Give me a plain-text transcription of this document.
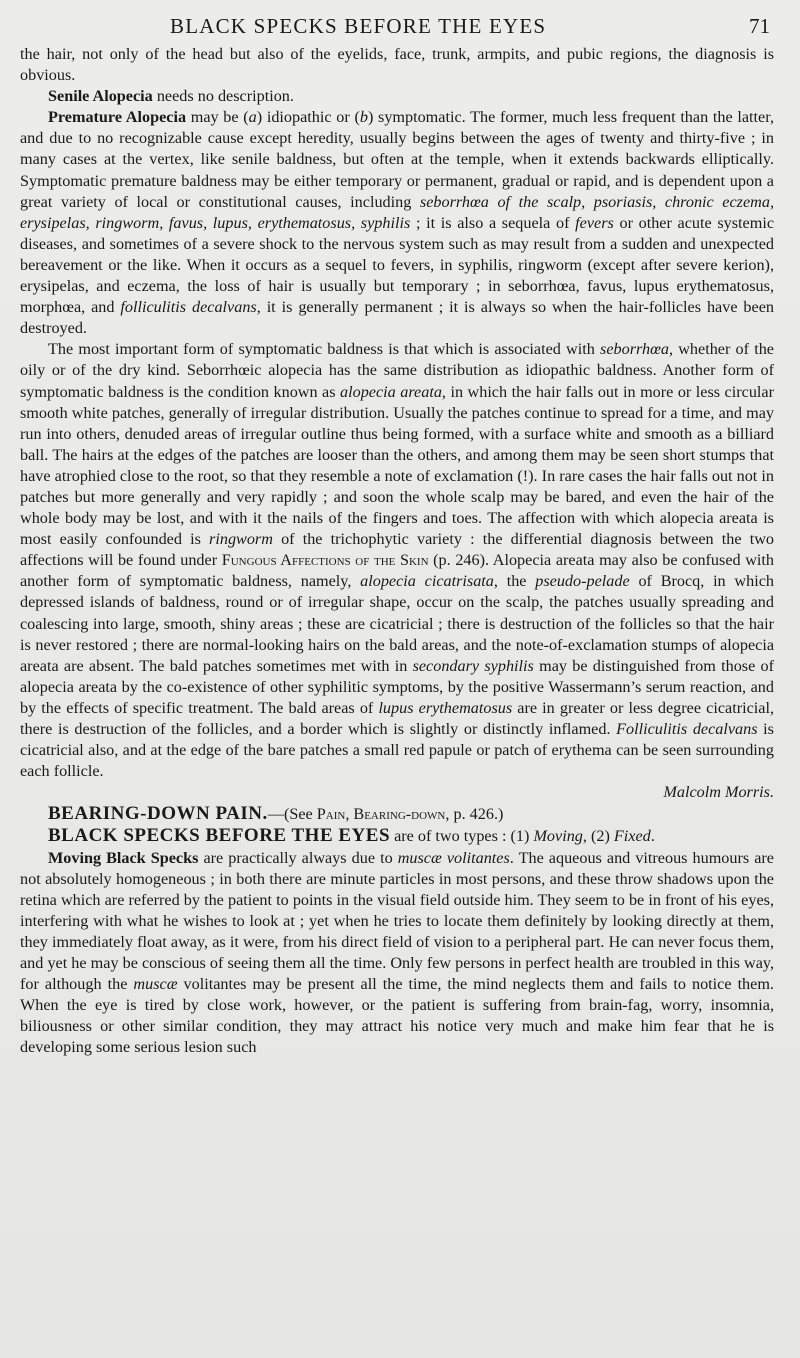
BLACK SPECKS BEFORE THE EYES	71

the hair, not only of the head but also of the eyelids, face, trunk, armpits, and pubic regions, the diagnosis is obvious.

Senile Alopecia needs no description.

Premature Alopecia may be (a) idiopathic or (b) symptomatic. The former, much less frequent than the latter, and due to no recognizable cause except heredity, usually begins between the ages of twenty and thirty-five ; in many cases at the vertex, like senile baldness, but often at the temple, when it extends backwards elliptically. Symptomatic premature baldness may be either temporary or permanent, gradual or rapid, and is dependent upon a great variety of local or constitutional causes, including seborrhœa of the scalp, psoriasis, chronic eczema, erysipelas, ringworm, favus, lupus, erythematosus, syphilis ; it is also a sequela of fevers or other acute systemic diseases, and sometimes of a severe shock to the nervous system such as may result from a sudden and unexpected bereavement or the like. When it occurs as a sequel to fevers, in syphilis, ringworm (except after severe kerion), erysipelas, and eczema, the loss of hair is usually but temporary ; in seborrhœa, favus, lupus erythematosus, morphœa, and folliculitis decalvans, it is generally permanent ; it is always so when the hair-follicles have been destroyed.

The most important form of symptomatic baldness is that which is associated with seborrhœa, whether of the oily or of the dry kind. Seborrhœic alopecia has the same distribution as idiopathic baldness. Another form of symptomatic baldness is the condition known as alopecia areata, in which the hair falls out in more or less circular smooth white patches, generally of irregular distribution. Usually the patches continue to spread for a time, and may run into others, denuded areas of irregular outline thus being formed, with a surface white and smooth as a billiard ball. The hairs at the edges of the patches are looser than the others, and among them may be seen short stumps that have atrophied close to the root, so that they resemble a note of exclamation (!). In rare cases the hair falls out not in patches but more generally and very rapidly ; and soon the whole scalp may be bared, and even the hair of the whole body may be lost, and with it the nails of the fingers and toes. The affection with which alopecia areata is most easily confounded is ringworm of the trichophytic variety : the differential diagnosis between the two affections will be found under Fungous Affections of the Skin (p. 246). Alopecia areata may also be confused with another form of symptomatic baldness, namely, alopecia cicatrisata, the pseudo-pelade of Brocq, in which depressed islands of baldness, round or of irregular shape, occur on the scalp, the patches usually spreading and coalescing into large, smooth, shiny areas ; these are cicatricial ; there is destruction of the follicles so that the hair is never restored ; there are normal-looking hairs on the bald areas, and the note-of-exclamation stumps of alopecia areata are absent. The bald patches sometimes met with in secondary syphilis may be distinguished from those of alopecia areata by the co-existence of other syphilitic symptoms, by the positive Wassermann’s serum reaction, and by the effects of specific treatment. The bald areas of lupus erythematosus are in greater or less degree cicatricial, there is destruction of the follicles, and a border which is slightly or distinctly inflamed. Folliculitis decalvans is cicatricial also, and at the edge of the bare patches a small red papule or patch of erythema can be seen surrounding each follicle.

Malcolm Morris.

BEARING-DOWN PAIN.—(See Pain, Bearing-down, p. 426.)

BLACK SPECKS BEFORE THE EYES are of two types : (1) Moving, (2) Fixed.

Moving Black Specks are practically always due to muscæ volitantes. The aqueous and vitreous humours are not absolutely homogeneous ; in both there are minute particles in most persons, and these throw shadows upon the retina which are referred by the patient to points in the visual field outside him. They seem to be in front of his eyes, interfering with what he wishes to look at ; yet when he tries to locate them definitely by looking directly at them, they immediately float away, as it were, from his direct field of vision to a peripheral part. He can never focus them, and yet he may be conscious of seeing them all the time. Only few persons in perfect health are troubled in this way, for although the muscæ volitantes may be present all the time, the mind neglects them and fails to notice them. When the eye is tired by close work, however, or the patient is suffering from brain-fag, worry, insomnia, biliousness or other similar condition, they may attract his notice very much and make him fear that he is developing some serious lesion such
